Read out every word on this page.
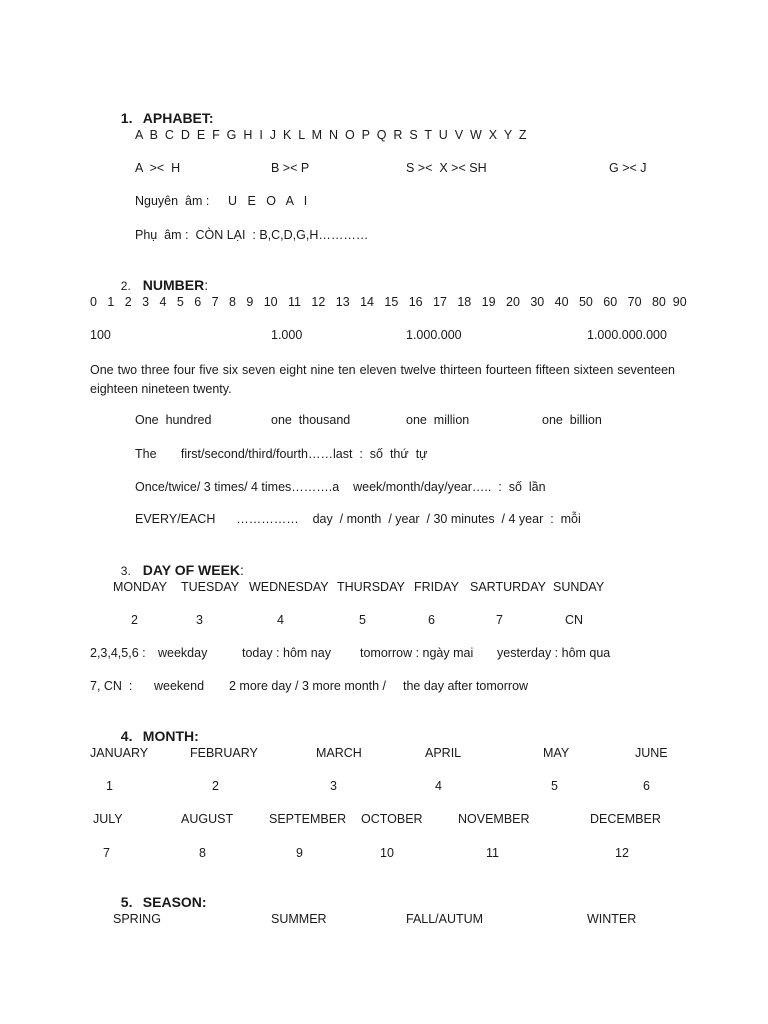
1. APHABET:

A  B  C  D  E  F  G  H  I  J  K  L  M  N  O  P  Q  R  S  T  U  V  W  X  Y  Z
A  ><  H	B >< P	S ><  X >< SH	G >< J
Nguyên  âm : U   E   O   A   I
Phụ  âm :  CÒN LẠI  : B,C,D,G,H…………

2. NUMBER:

0   1   2   3   4   5   6   7   8   9   10   11   12   13   14   15   16   17   18   19   20   30   40   50   60   70   80  90
100	1.000	1.000.000	1.000.000.000
One two three four five six seven eight nine ten eleven twelve thirteen fourteen fifteen sixteen seventeen eighteen nineteen twenty.
One  hundred	one  thousand	one  million	one  billion
The       first/second/third/fourth……last  :  số  thứ  tự
Once/twice/ 3 times/ 4 times……….a    week/month/day/year…..  :  số  lần
EVERY/EACH      ……………    day  / month  / year  / 30 minutes  / 4 year  :  mỗi

3. DAY OF WEEK:

MONDAY TUESDAY WEDNESDAY THURSDAY FRIDAY SARTURDAY SUNDAY
2	3	4	5	6	7	CN
2,3,4,5,6 : weekday	today : hôm nay tomorrow : ngày mai yesterday : hôm qua
7, CN  : weekend 2 more day / 3 more month / the day after tomorrow

4. MONTH:

JANUARY	FEBRUARY	MARCH	APRIL	MAY	JUNE
1	2	3	4	5	6
JULY	AUGUST	SEPTEMBER OCTOBER	NOVEMBER	DECEMBER
7	8	9	10	11	12

5. SEASON:

SPRING	SUMMER	FALL/AUTUM	WINTER
